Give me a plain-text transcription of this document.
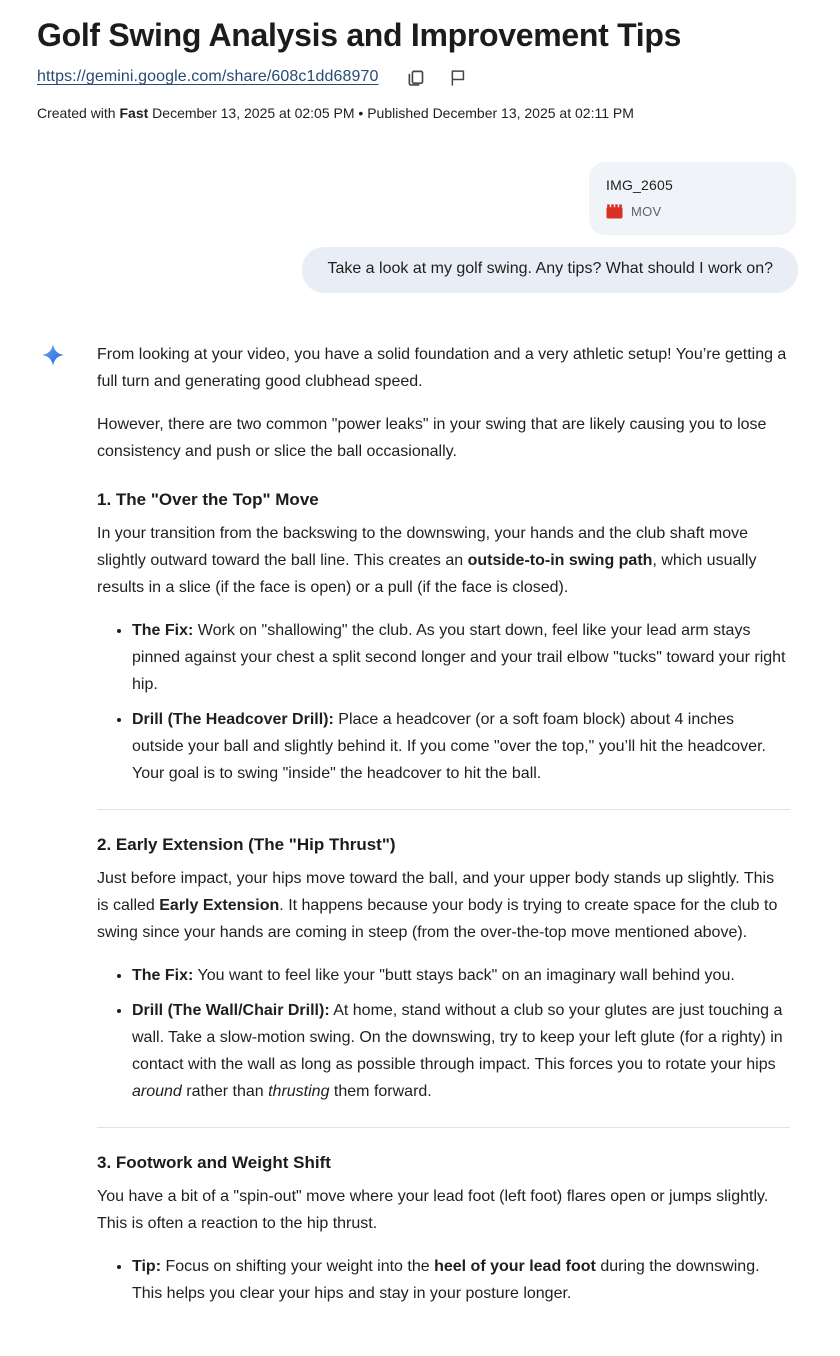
Golf Swing Analysis and Improvement Tips
https://gemini.google.com/share/608c1dd68970
Created with Fast December 13, 2025 at 02:05 PM • Published December 13, 2025 at 02:11 PM
IMG_2605
MOV
Take a look at my golf swing. Any tips? What should I work on?

From looking at your video, you have a solid foundation and a very athletic setup! You’re getting a full turn and generating good clubhead speed.

However, there are two common "power leaks" in your swing that are likely causing you to lose consistency and push or slice the ball occasionally.

1. The "Over the Top" Move

In your transition from the backswing to the downswing, your hands and the club shaft move slightly outward toward the ball line. This creates an outside-to-in swing path, which usually results in a slice (if the face is open) or a pull (if the face is closed).

• The Fix: Work on "shallowing" the club. As you start down, feel like your lead arm stays pinned against your chest a split second longer and your trail elbow "tucks" toward your right hip.
• Drill (The Headcover Drill): Place a headcover (or a soft foam block) about 4 inches outside your ball and slightly behind it. If you come "over the top," you’ll hit the headcover. Your goal is to swing "inside" the headcover to hit the ball.
2. Early Extension (The "Hip Thrust")

Just before impact, your hips move toward the ball, and your upper body stands up slightly. This is called Early Extension. It happens because your body is trying to create space for the club to swing since your hands are coming in steep (from the over-the-top move mentioned above).

• The Fix: You want to feel like your "butt stays back" on an imaginary wall behind you.
• Drill (The Wall/Chair Drill): At home, stand without a club so your glutes are just touching a wall. Take a slow-motion swing. On the downswing, try to keep your left glute (for a righty) in contact with the wall as long as possible through impact. This forces you to rotate your hips around rather than thrusting them forward.
3. Footwork and Weight Shift

You have a bit of a "spin-out" move where your lead foot (left foot) flares open or jumps slightly. This is often a reaction to the hip thrust.

• Tip: Focus on shifting your weight into the heel of your lead foot during the downswing. This helps you clear your hips and stay in your posture longer.
